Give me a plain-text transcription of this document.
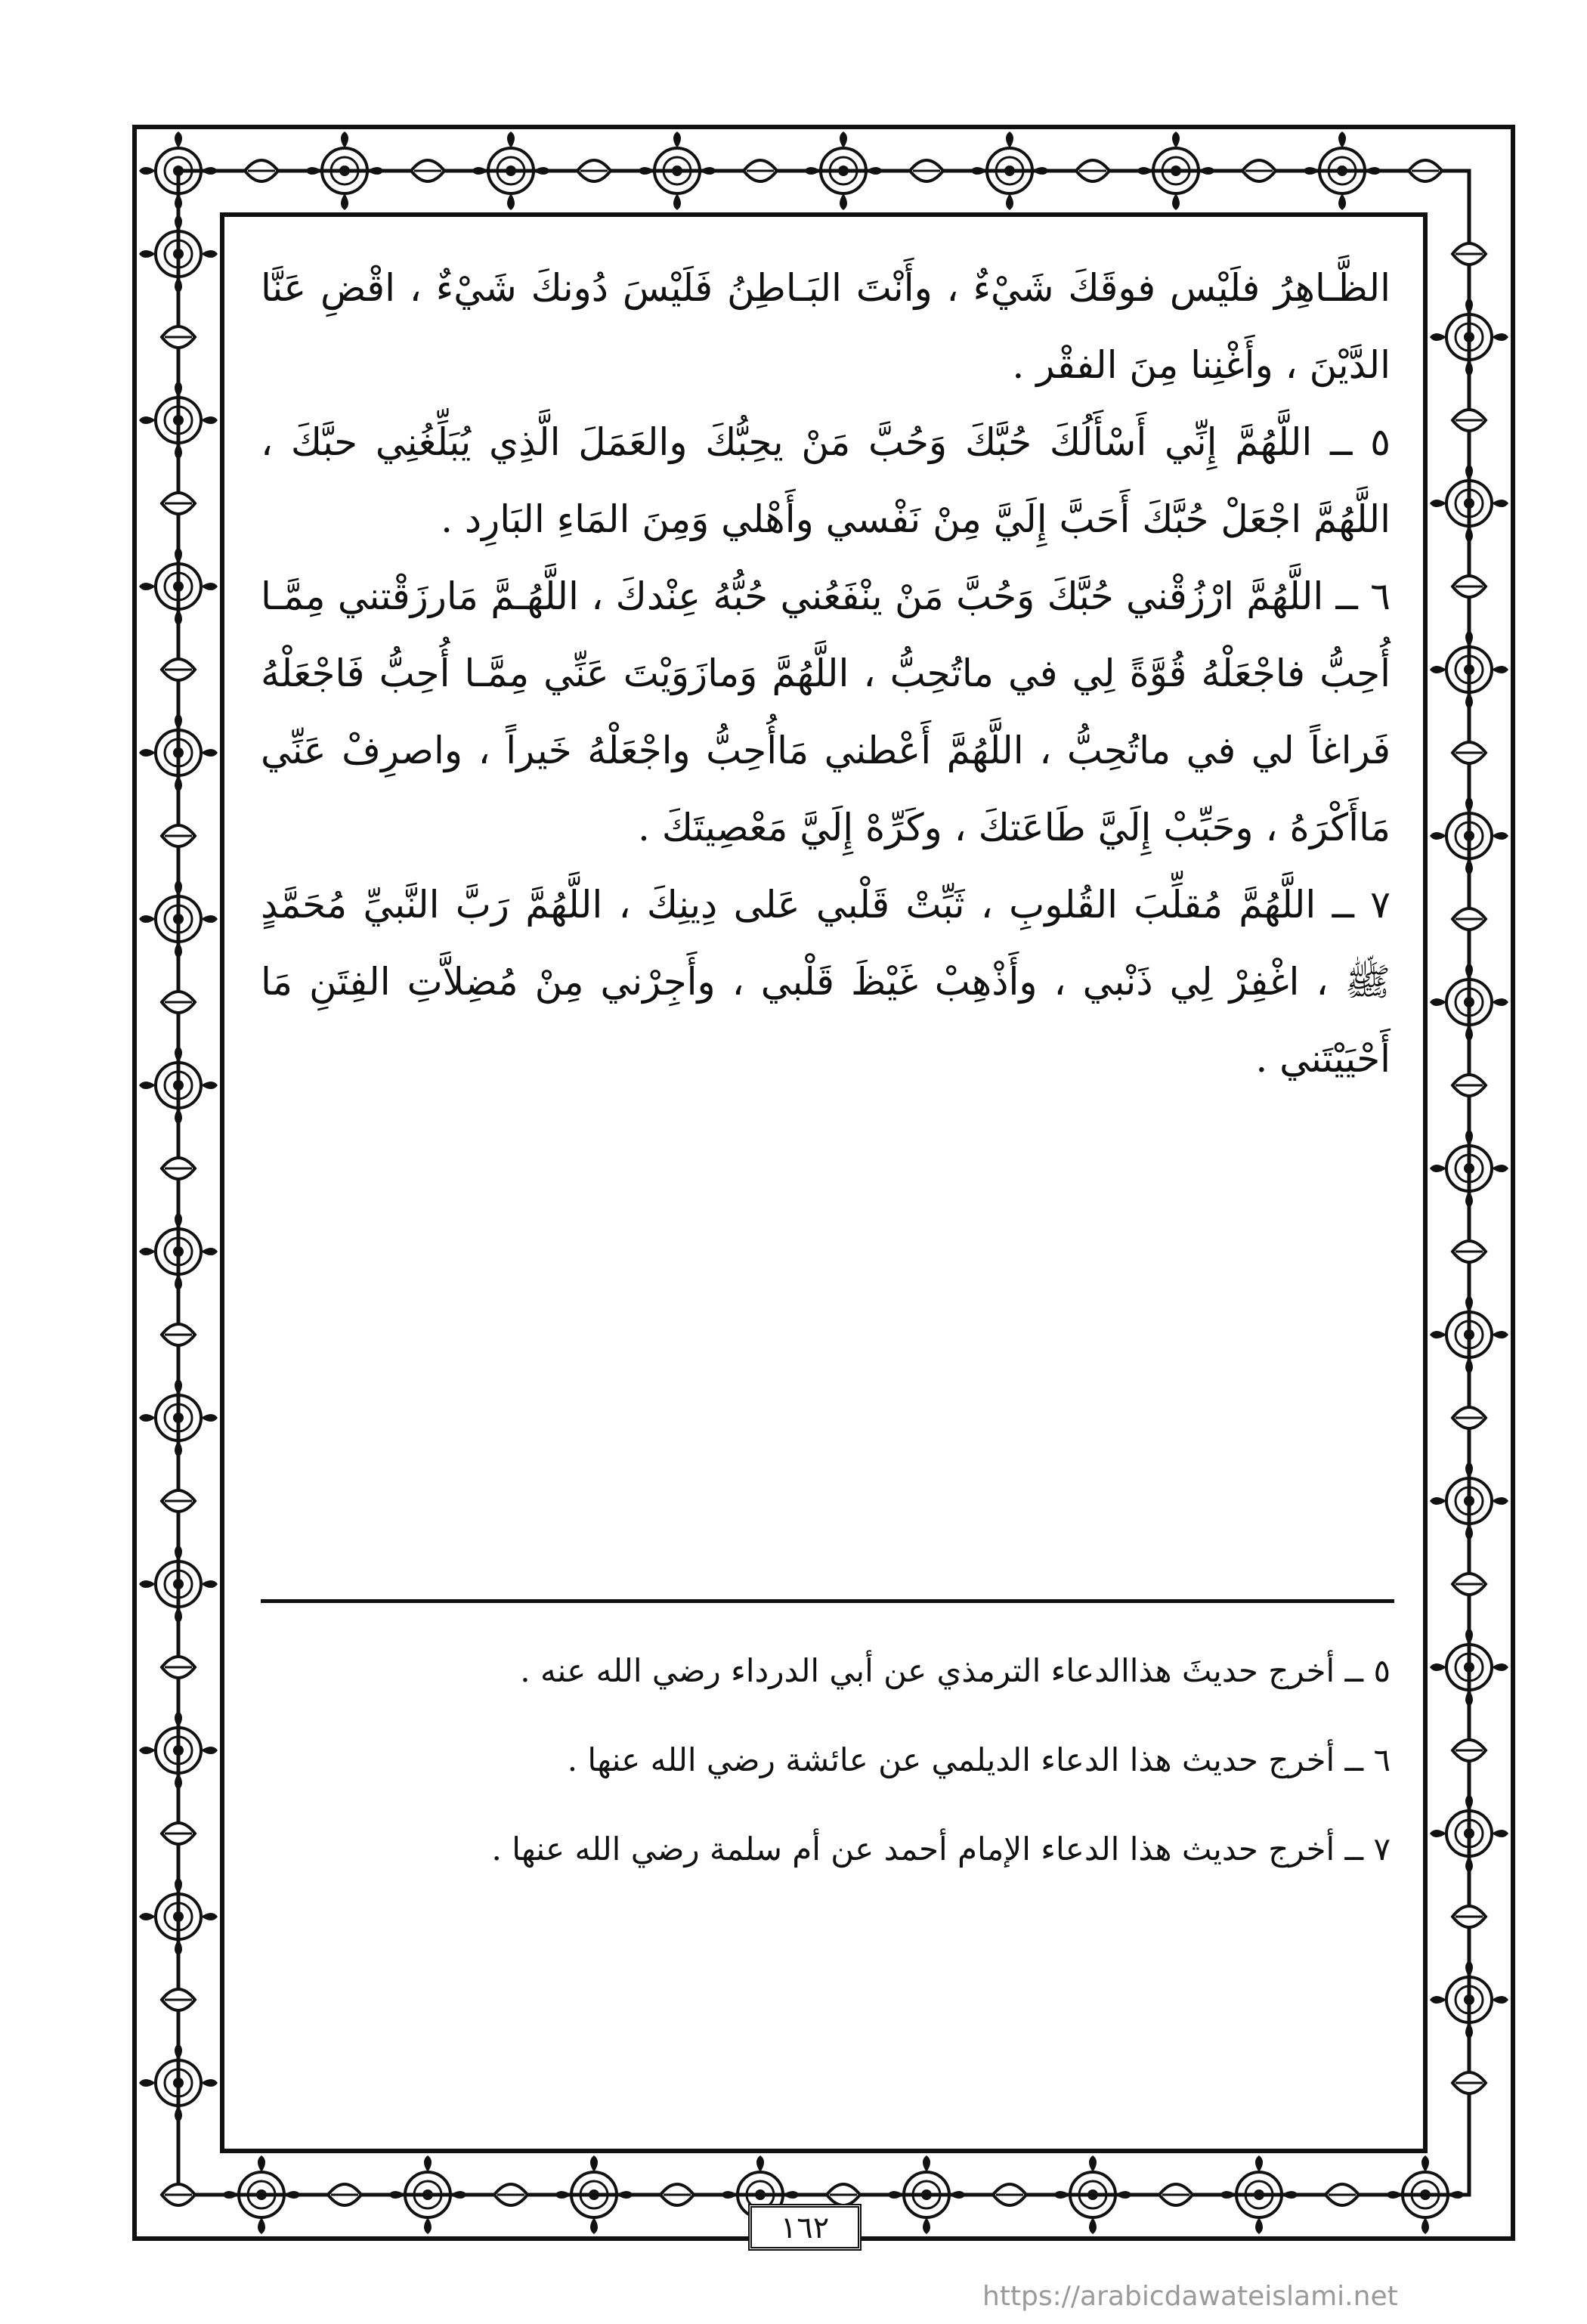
الظَّـاهِرُ فلَيْس فوقَكَ شَيْءٌ ، وأَنْتَ البَـاطِنُ فَلَيْسَ دُونكَ شَيْءٌ ، اقْضِ عَنَّا الدَّيْنَ ، وأَغْنِنا مِنَ الفقْر .

٥ ــ اللَّهُمَّ إِنِّي أَسْأَلُكَ حُبَّكَ وَحُبَّ مَنْ يحِبُّكَ والعَمَلَ الَّذِي يُبَلِّغُنِي حبَّكَ ، اللَّهُمَّ اجْعَلْ حُبَّكَ أَحَبَّ إِلَيَّ مِنْ نَفْسي وأَهْلي وَمِنَ المَاءِ البَارِد .

٦ ــ اللَّهُمَّ ارْزُقْني حُبَّكَ وَحُبَّ مَنْ ينْفَعُني حُبُّهُ عِنْدكَ ، اللَّهُـمَّ مَارزَقْتني مِمَّـا أُحِبُّ فاجْعَلْهُ قُوَّةً لِي في ماتُحِبُّ ، اللَّهُمَّ وَمازَوَيْتَ عَنِّي مِمَّـا أُحِبُّ فَاجْعَلْهُ فَراغاً لي في ماتُحِبُّ ، اللَّهُمَّ أَعْطني مَاأُحِبُّ واجْعَلْهُ خَيراً ، واصرِفْ عَنِّي مَاأَكْرَهُ ، وحَبِّبْ إِلَيَّ طَاعَتكَ ، وكَرِّهْ إِلَيَّ مَعْصِيتَكَ .

٧ ــ اللَّهُمَّ مُقلِّبَ القُلوبِ ، ثَبِّتْ قَلْبي عَلى دِينِكَ ، اللَّهُمَّ رَبَّ النَّبيِّ مُحَمَّدٍ ﷺ ، اغْفِرْ لِي ذَنْبي ، وأَذْهِبْ غَيْظَ قَلْبي ، وأَجِرْني مِنْ مُضِلاَّتِ الفِتَنِ مَا أَحْيَيْتَني .

٥ ــ أخرج حديثَ هذاالدعاء الترمذي عن أبي الدرداء رضي الله عنه .

٦ ــ أخرج حديث هذا الدعاء الديلمي عن عائشة رضي الله عنها .

٧ ــ أخرج حديث هذا الدعاء الإمام أحمد عن أم سلمة رضي الله عنها .

١٦٢
https://arabicdawateislami.net
